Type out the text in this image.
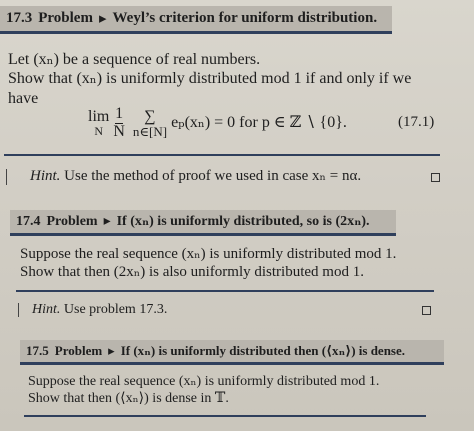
17.3 Problem ▸ Weyl’s criterion for uniform distribution.
Let (xₙ) be a sequence of real numbers.
Show that (xₙ) is uniformly distributed mod 1 if and only if we
have
lim
N $\frac{1}{N}$ ∑
n∈[N] eₚ(xₙ) = 0 for p ∈ ℤ ∖ {0}.	(17.1)
Hint. Use the method of proof we used in case xₙ = nα.
17.4 Problem ▸ If (xₙ) is uniformly distributed, so is (2xₙ).
Suppose the real sequence (xₙ) is uniformly distributed mod 1.
Show that then (2xₙ) is also uniformly distributed mod 1.
Hint. Use problem 17.3.
17.5 Problem ▸ If (xₙ) is uniformly distributed then (⟨xₙ⟩) is dense.
Suppose the real sequence (xₙ) is uniformly distributed mod 1.
Show that then (⟨xₙ⟩) is dense in 𝕋.
